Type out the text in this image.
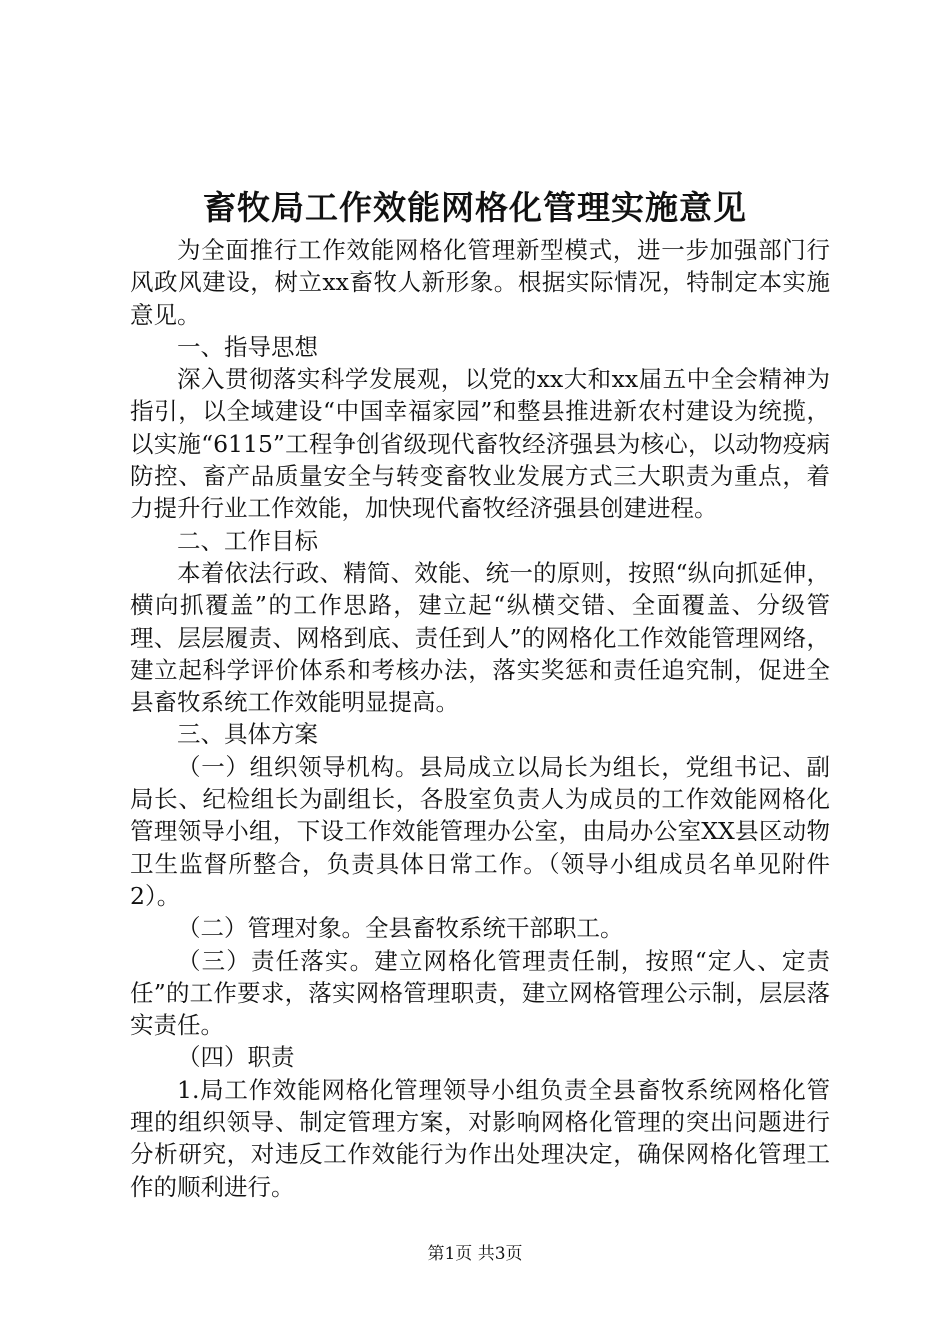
畜牧局工作效能网格化管理实施意见

为全面推行工作效能网格化管理新型模式，进一步加强部门行风政风建设，树立xx畜牧人新形象。根据实际情况，特制定本实施意见。

一、指导思想

深入贯彻落实科学发展观，以党的xx大和xx届五中全会精神为指引，以全域建设“中国幸福家园”和整县推进新农村建设为统揽，以实施“6115”工程争创省级现代畜牧经济强县为核心，以动物疫病防控、畜产品质量安全与转变畜牧业发展方式三大职责为重点，着力提升行业工作效能，加快现代畜牧经济强县创建进程。

二、工作目标

本着依法行政、精简、效能、统一的原则，按照“纵向抓延伸，横向抓覆盖”的工作思路，建立起“纵横交错、全面覆盖、分级管理、层层履责、网格到底、责任到人”的网格化工作效能管理网络，建立起科学评价体系和考核办法，落实奖惩和责任追究制，促进全县畜牧系统工作效能明显提高。

三、具体方案

（一）组织领导机构。县局成立以局长为组长，党组书记、副局长、纪检组长为副组长，各股室负责人为成员的工作效能网格化管理领导小组，下设工作效能管理办公室，由局办公室XX县区动物卫生监督所整合，负责具体日常工作。（领导小组成员名单见附件2）。

（二）管理对象。全县畜牧系统干部职工。

（三）责任落实。建立网格化管理责任制，按照“定人、定责任”的工作要求，落实网格管理职责，建立网格管理公示制，层层落实责任。

（四）职责

1.局工作效能网格化管理领导小组负责全县畜牧系统网格化管理的组织领导、制定管理方案，对影响网格化管理的突出问题进行分析研究，对违反工作效能行为作出处理决定，确保网格化管理工作的顺利进行。

第1页 共3页
